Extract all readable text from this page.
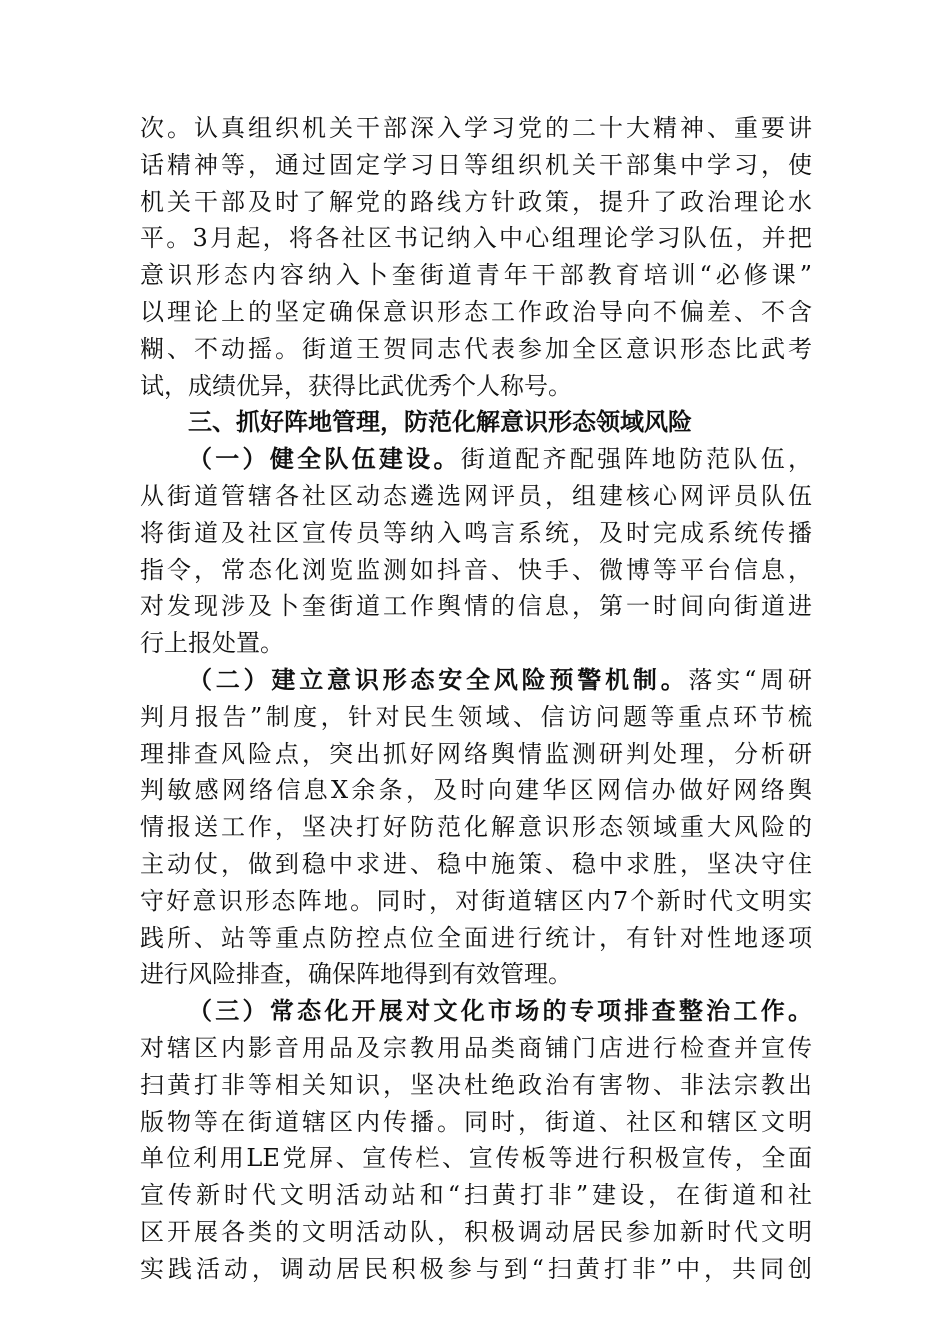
次。认真组织机关干部深入学习党的二十大精神、重要讲
话精神等，通过固定学习日等组织机关干部集中学习，使
机关干部及时了解党的路线方针政策，提升了政治理论水
平。3月起，将各社区书记纳入中心组理论学习队伍，并把
意识形态内容纳入卜奎街道青年干部教育培训“必修课”
以理论上的坚定确保意识形态工作政治导向不偏差、不含
糊、不动摇。街道王贺同志代表参加全区意识形态比武考
试，成绩优异，获得比武优秀个人称号。
三、抓好阵地管理，防范化解意识形态领域风险
（一）健全队伍建设。街道配齐配强阵地防范队伍，
从街道管辖各社区动态遴选网评员，组建核心网评员队伍
将街道及社区宣传员等纳入鸣言系统，及时完成系统传播
指令，常态化浏览监测如抖音、快手、微博等平台信息，
对发现涉及卜奎街道工作舆情的信息，第一时间向街道进
行上报处置。
（二）建立意识形态安全风险预警机制。落实“周研
判月报告”制度，针对民生领域、信访问题等重点环节梳
理排查风险点，突出抓好网络舆情监测研判处理，分析研
判敏感网络信息X余条，及时向建华区网信办做好网络舆
情报送工作，坚决打好防范化解意识形态领域重大风险的
主动仗，做到稳中求进、稳中施策、稳中求胜，坚决守住
守好意识形态阵地。同时，对街道辖区内7个新时代文明实
践所、站等重点防控点位全面进行统计，有针对性地逐项
进行风险排查，确保阵地得到有效管理。
（三）常态化开展对文化市场的专项排查整治工作。
对辖区内影音用品及宗教用品类商铺门店进行检查并宣传
扫黄打非等相关知识，坚决杜绝政治有害物、非法宗教出
版物等在街道辖区内传播。同时，街道、社区和辖区文明
单位利用LE党屏、宣传栏、宣传板等进行积极宣传，全面
宣传新时代文明活动站和“扫黄打非”建设，在街道和社
区开展各类的文明活动队，积极调动居民参加新时代文明
实践活动，调动居民积极参与到“扫黄打非”中，共同创
